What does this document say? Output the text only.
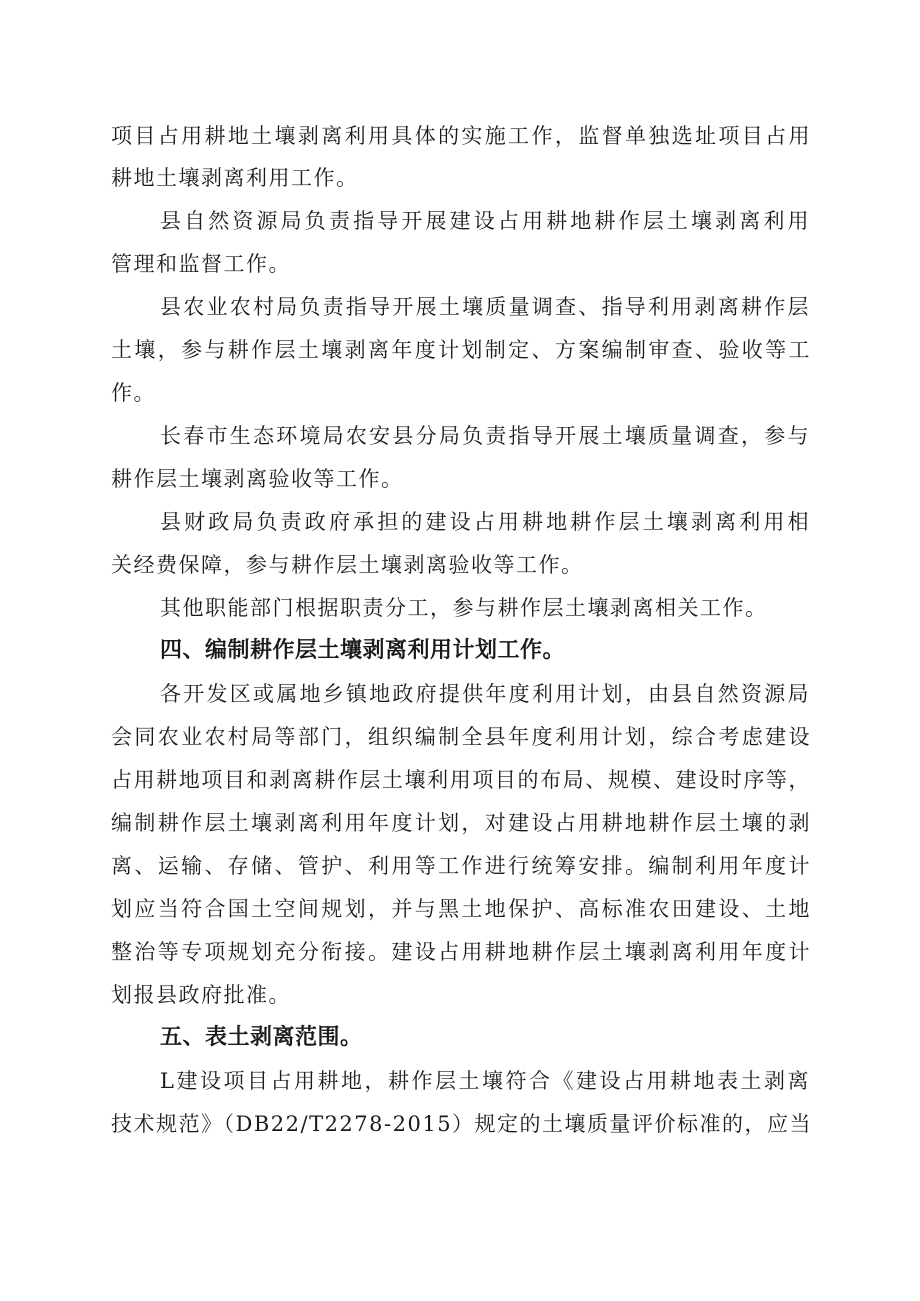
项目占用耕地土壤剥离利用具体的实施工作，监督单独选址项目占用
耕地土壤剥离利用工作。
县自然资源局负责指导开展建设占用耕地耕作层土壤剥离利用
管理和监督工作。
县农业农村局负责指导开展土壤质量调查、指导利用剥离耕作层
土壤，参与耕作层土壤剥离年度计划制定、方案编制审查、验收等工
作。
长春市生态环境局农安县分局负责指导开展土壤质量调查，参与
耕作层土壤剥离验收等工作。
县财政局负责政府承担的建设占用耕地耕作层土壤剥离利用相
关经费保障，参与耕作层土壤剥离验收等工作。
其他职能部门根据职责分工，参与耕作层土壤剥离相关工作。
四、编制耕作层土壤剥离利用计划工作。
各开发区或属地乡镇地政府提供年度利用计划，由县自然资源局
会同农业农村局等部门，组织编制全县年度利用计划，综合考虑建设
占用耕地项目和剥离耕作层土壤利用项目的布局、规模、建设时序等，
编制耕作层土壤剥离利用年度计划，对建设占用耕地耕作层土壤的剥
离、运输、存储、管护、利用等工作进行统筹安排。编制利用年度计
划应当符合国土空间规划，并与黑土地保护、高标准农田建设、土地
整治等专项规划充分衔接。建设占用耕地耕作层土壤剥离利用年度计
划报县政府批准。
五、表土剥离范围。
L建设项目占用耕地，耕作层土壤符合《建设占用耕地表土剥离
技术规范》（DB22/T2278-2015）规定的土壤质量评价标准的，应当
